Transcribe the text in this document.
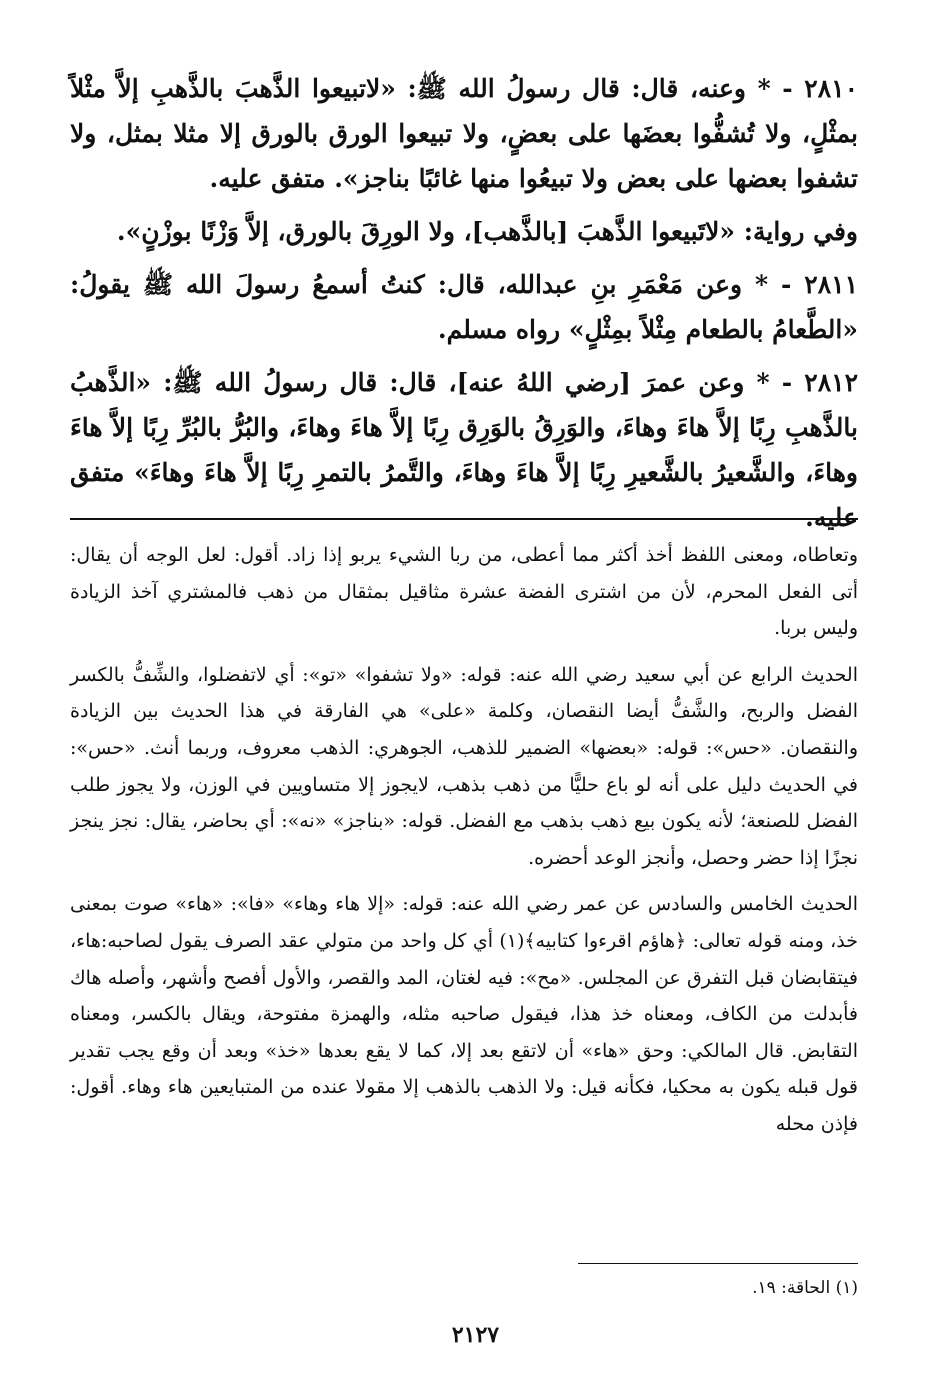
٢٨١٠ - * وعنه، قال: قال رسولُ الله ﷺ: «لاتبيعوا الذَّهبَ بالذَّهبِ إلاَّ مثْلاً بمثْلٍ، ولا تُشفُّوا بعضَها على بعضٍ، ولا تبيعوا الورق بالورق إلا مثلا بمثل، ولا تشفوا بعضها على بعض ولا تبيعُوا منها غائبًا بناجز». متفق عليه.

وفي رواية: «لاتَبيعوا الذَّهبَ [بالذَّهب]، ولا الورِقَ بالورق، إلاَّ وَزْنًا بوزْنٍ».

٢٨١١ - * وعن مَعْمَرِ بنِ عبدالله، قال: كنتُ أسمعُ رسولَ الله ﷺ يقولُ: «الطَّعامُ بالطعام مِثْلاً بمِثْلٍ» رواه مسلم.

٢٨١٢ - * وعن عمرَ [رضي اللهُ عنه]، قال: قال رسولُ الله ﷺ: «الذَّهبُ بالذَّهبِ رِبًا إلاَّ هاءَ وهاءَ، والوَرِقُ بالوَرِق رِبًا إلاَّ هاءَ وهاءَ، والبُرُّ بالبُرِّ رِبًا إلاَّ هاءَ وهاءَ، والشَّعيرُ بالشَّعيرِ رِبًا إلاَّ هاءَ وهاءَ، والتَّمرُ بالتمرِ رِبًا إلاَّ هاءَ وهاءَ» متفق عليه.

وتعاطاه، ومعنى اللفظ أخذ أكثر مما أعطى، من ربا الشيء يربو إذا زاد. أقول: لعل الوجه أن يقال: أتى الفعل المحرم، لأن من اشترى الفضة عشرة مثاقيل بمثقال من ذهب فالمشتري آخذ الزيادة وليس بربا.

الحديث الرابع عن أبي سعيد رضي الله عنه: قوله: «ولا تشفوا» «تو»: أي لاتفضلوا، والشِّفُّ بالكسر الفضل والربح، والشَّفُّ أيضا النقصان، وكلمة «على» هي الفارقة في هذا الحديث بين الزيادة والنقصان. «حس»: قوله: «بعضها» الضمير للذهب، الجوهري: الذهب معروف، وربما أنث. «حس»: في الحديث دليل على أنه لو باع حليًّا من ذهب بذهب، لايجوز إلا متساويين في الوزن، ولا يجوز طلب الفضل للصنعة؛ لأنه يكون بيع ذهب بذهب مع الفضل. قوله: «بناجز» «نه»: أي بحاضر، يقال: نجز ينجز نجزًا إذا حضر وحصل، وأنجز الوعد أحضره.

الحديث الخامس والسادس عن عمر رضي الله عنه: قوله: «إلا هاء وهاء» «فا»: «هاء» صوت بمعنى خذ، ومنه قوله تعالى: ﴿هاؤم اقرءوا كتابيه﴾(١) أي كل واحد من متولي عقد الصرف يقول لصاحبه:هاء، فيتقابضان قبل التفرق عن المجلس. «مح»: فيه لغتان، المد والقصر، والأول أفصح وأشهر، وأصله هاك فأبدلت من الكاف، ومعناه خذ هذا، فيقول صاحبه مثله، والهمزة مفتوحة، ويقال بالكسر، ومعناه التقابض. قال المالكي: وحق «هاء» أن لاتقع بعد إلا، كما لا يقع بعدها «خذ» وبعد أن وقع يجب تقدير قول قبله يكون به محكيا، فكأنه قيل: ولا الذهب بالذهب إلا مقولا عنده من المتبايعين هاء وهاء. أقول: فإذن محله

(١) الحاقة: ١٩.
٢١٢٧
